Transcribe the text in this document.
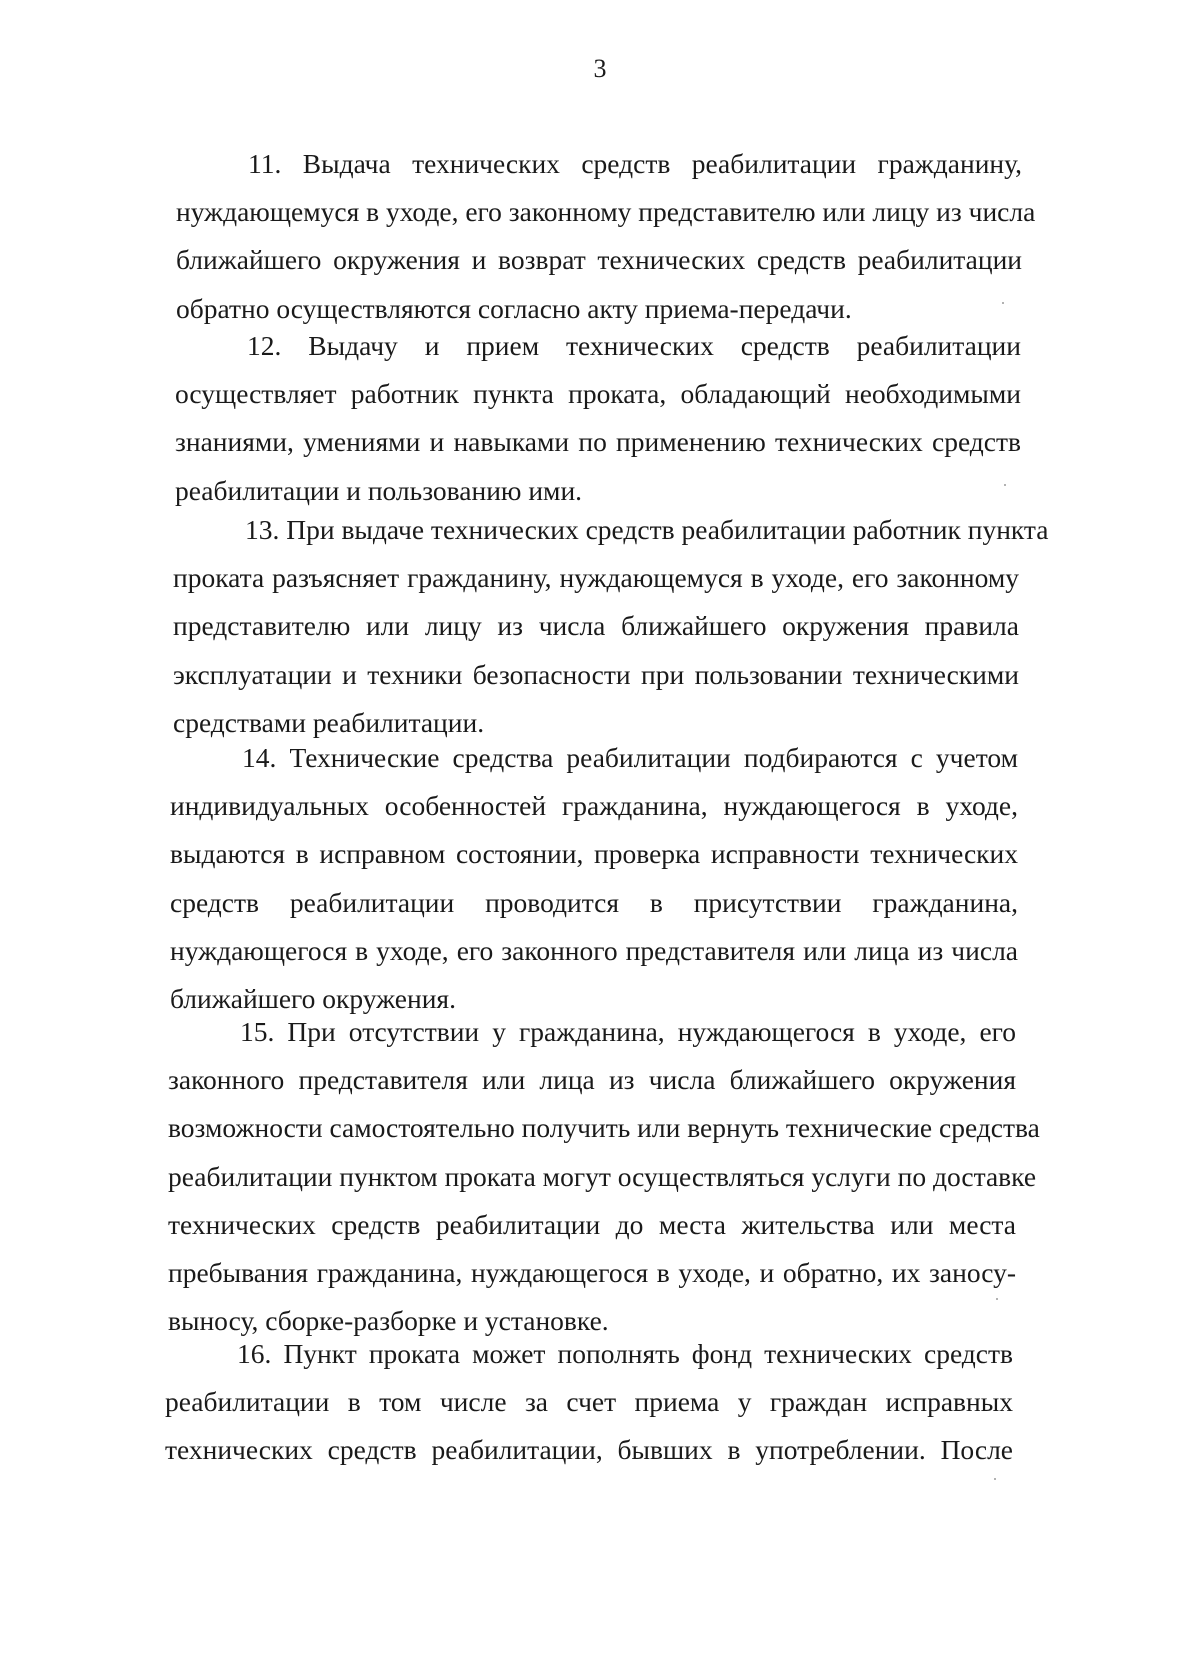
3
11. Выдача технических средств реабилитации гражданину,
нуждающемуся в уходе, его законному представителю или лицу из числа
ближайшего окружения и возврат технических средств реабилитации
обратно осуществляются согласно акту приема-передачи.
12. Выдачу и прием технических средств реабилитации
осуществляет работник пункта проката, обладающий необходимыми
знаниями, умениями и навыками по применению технических средств
реабилитации и пользованию ими.
13. При выдаче технических средств реабилитации работник пункта
проката разъясняет гражданину, нуждающемуся в уходе, его законному
представителю или лицу из числа ближайшего окружения правила
эксплуатации и техники безопасности при пользовании техническими
средствами реабилитации.
14. Технические средства реабилитации подбираются с учетом
индивидуальных особенностей гражданина, нуждающегося в уходе,
выдаются в исправном состоянии, проверка исправности технических
средств реабилитации проводится в присутствии гражданина,
нуждающегося в уходе, его законного представителя или лица из числа
ближайшего окружения.
15. При отсутствии у гражданина, нуждающегося в уходе, его
законного представителя или лица из числа ближайшего окружения
возможности самостоятельно получить или вернуть технические средства
реабилитации пунктом проката могут осуществляться услуги по доставке
технических средств реабилитации до места жительства или места
пребывания гражданина, нуждающегося в уходе, и обратно, их заносу-
выносу, сборке-разборке и установке.
16. Пункт проката может пополнять фонд технических средств
реабилитации в том числе за счет приема у граждан исправных
технических средств реабилитации, бывших в употреблении. После
